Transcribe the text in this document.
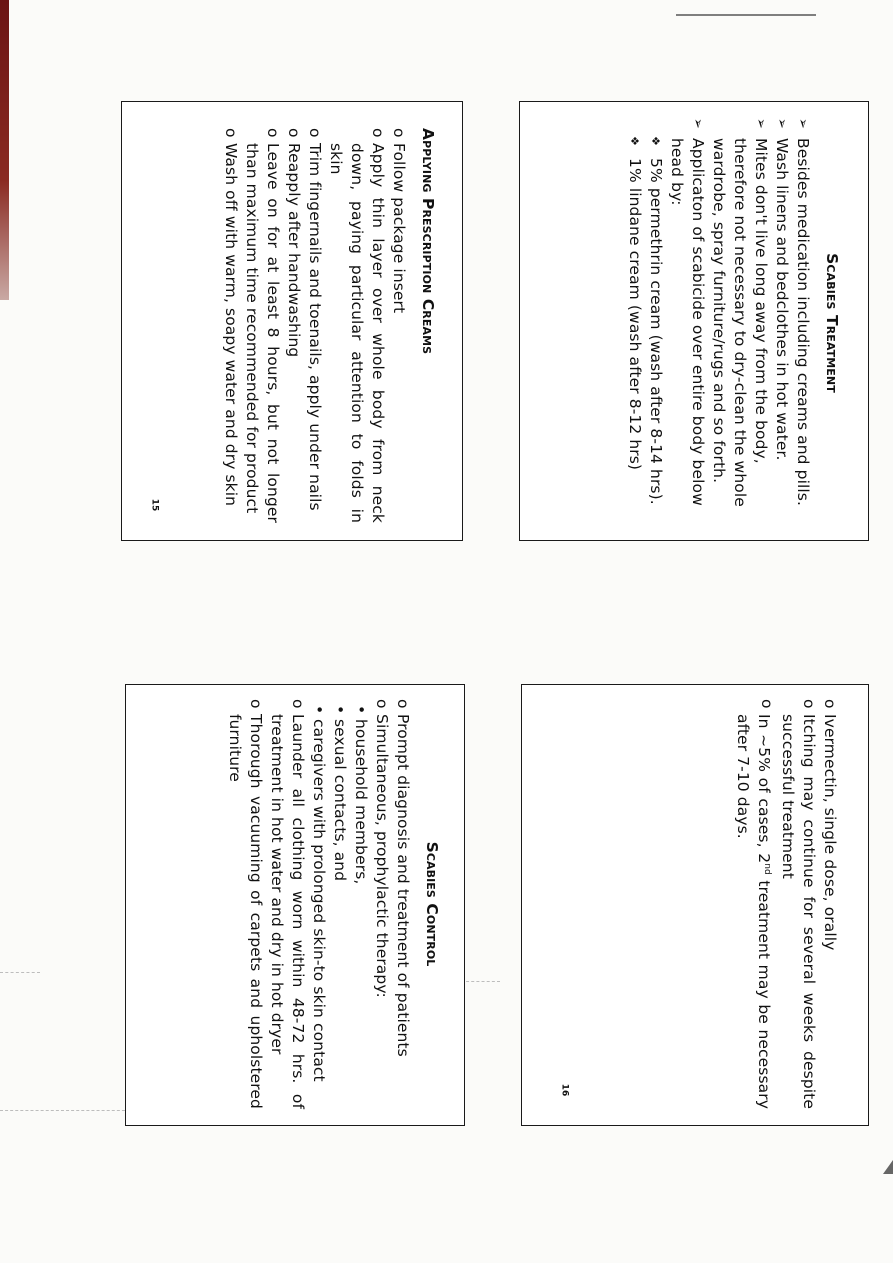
Scabies Treatment
➢ Besides medication including creams and pills.
➢ Wash linens and bedclothes in hot water.
➢ Mites don't live long away from the body, therefore not necessary to dry-clean the whole wardrobe, spray furniture/rugs and so forth.
➢ Applicaton of scabicide over entire body below head by:
❖ 5% permethrin cream (wash after 8-14 hrs).
❖ 1% lindane cream (wash after 8-12 hrs)
Applying Prescription Creams
o Follow package insert
o Apply thin layer over whole body from neck down, paying particular attention to folds in skin
o Trim fingernails and toenails, apply under nails
o Reapply after handwashing
o Leave on for at least 8 hours, but not longer than maximum time recommended for product
o Wash off with warm, soapy water and dry skin
15
o Ivermectin, single dose, orally
o Itching may continue for several weeks despite successful treatment
o In ~5% of cases, 2nd treatment may be necessary after 7-10 days.
16
Scabies Control
o Prompt diagnosis and treatment of patients
o Simultaneous, prophylactic therapy:
• household members,
• sexual contacts, and
• caregivers with prolonged skin-to skin contact
o Launder all clothing worn within 48-72 hrs. of treatment in hot water and dry in hot dryer
o Thorough vacuuming of carpets and upholstered furniture
